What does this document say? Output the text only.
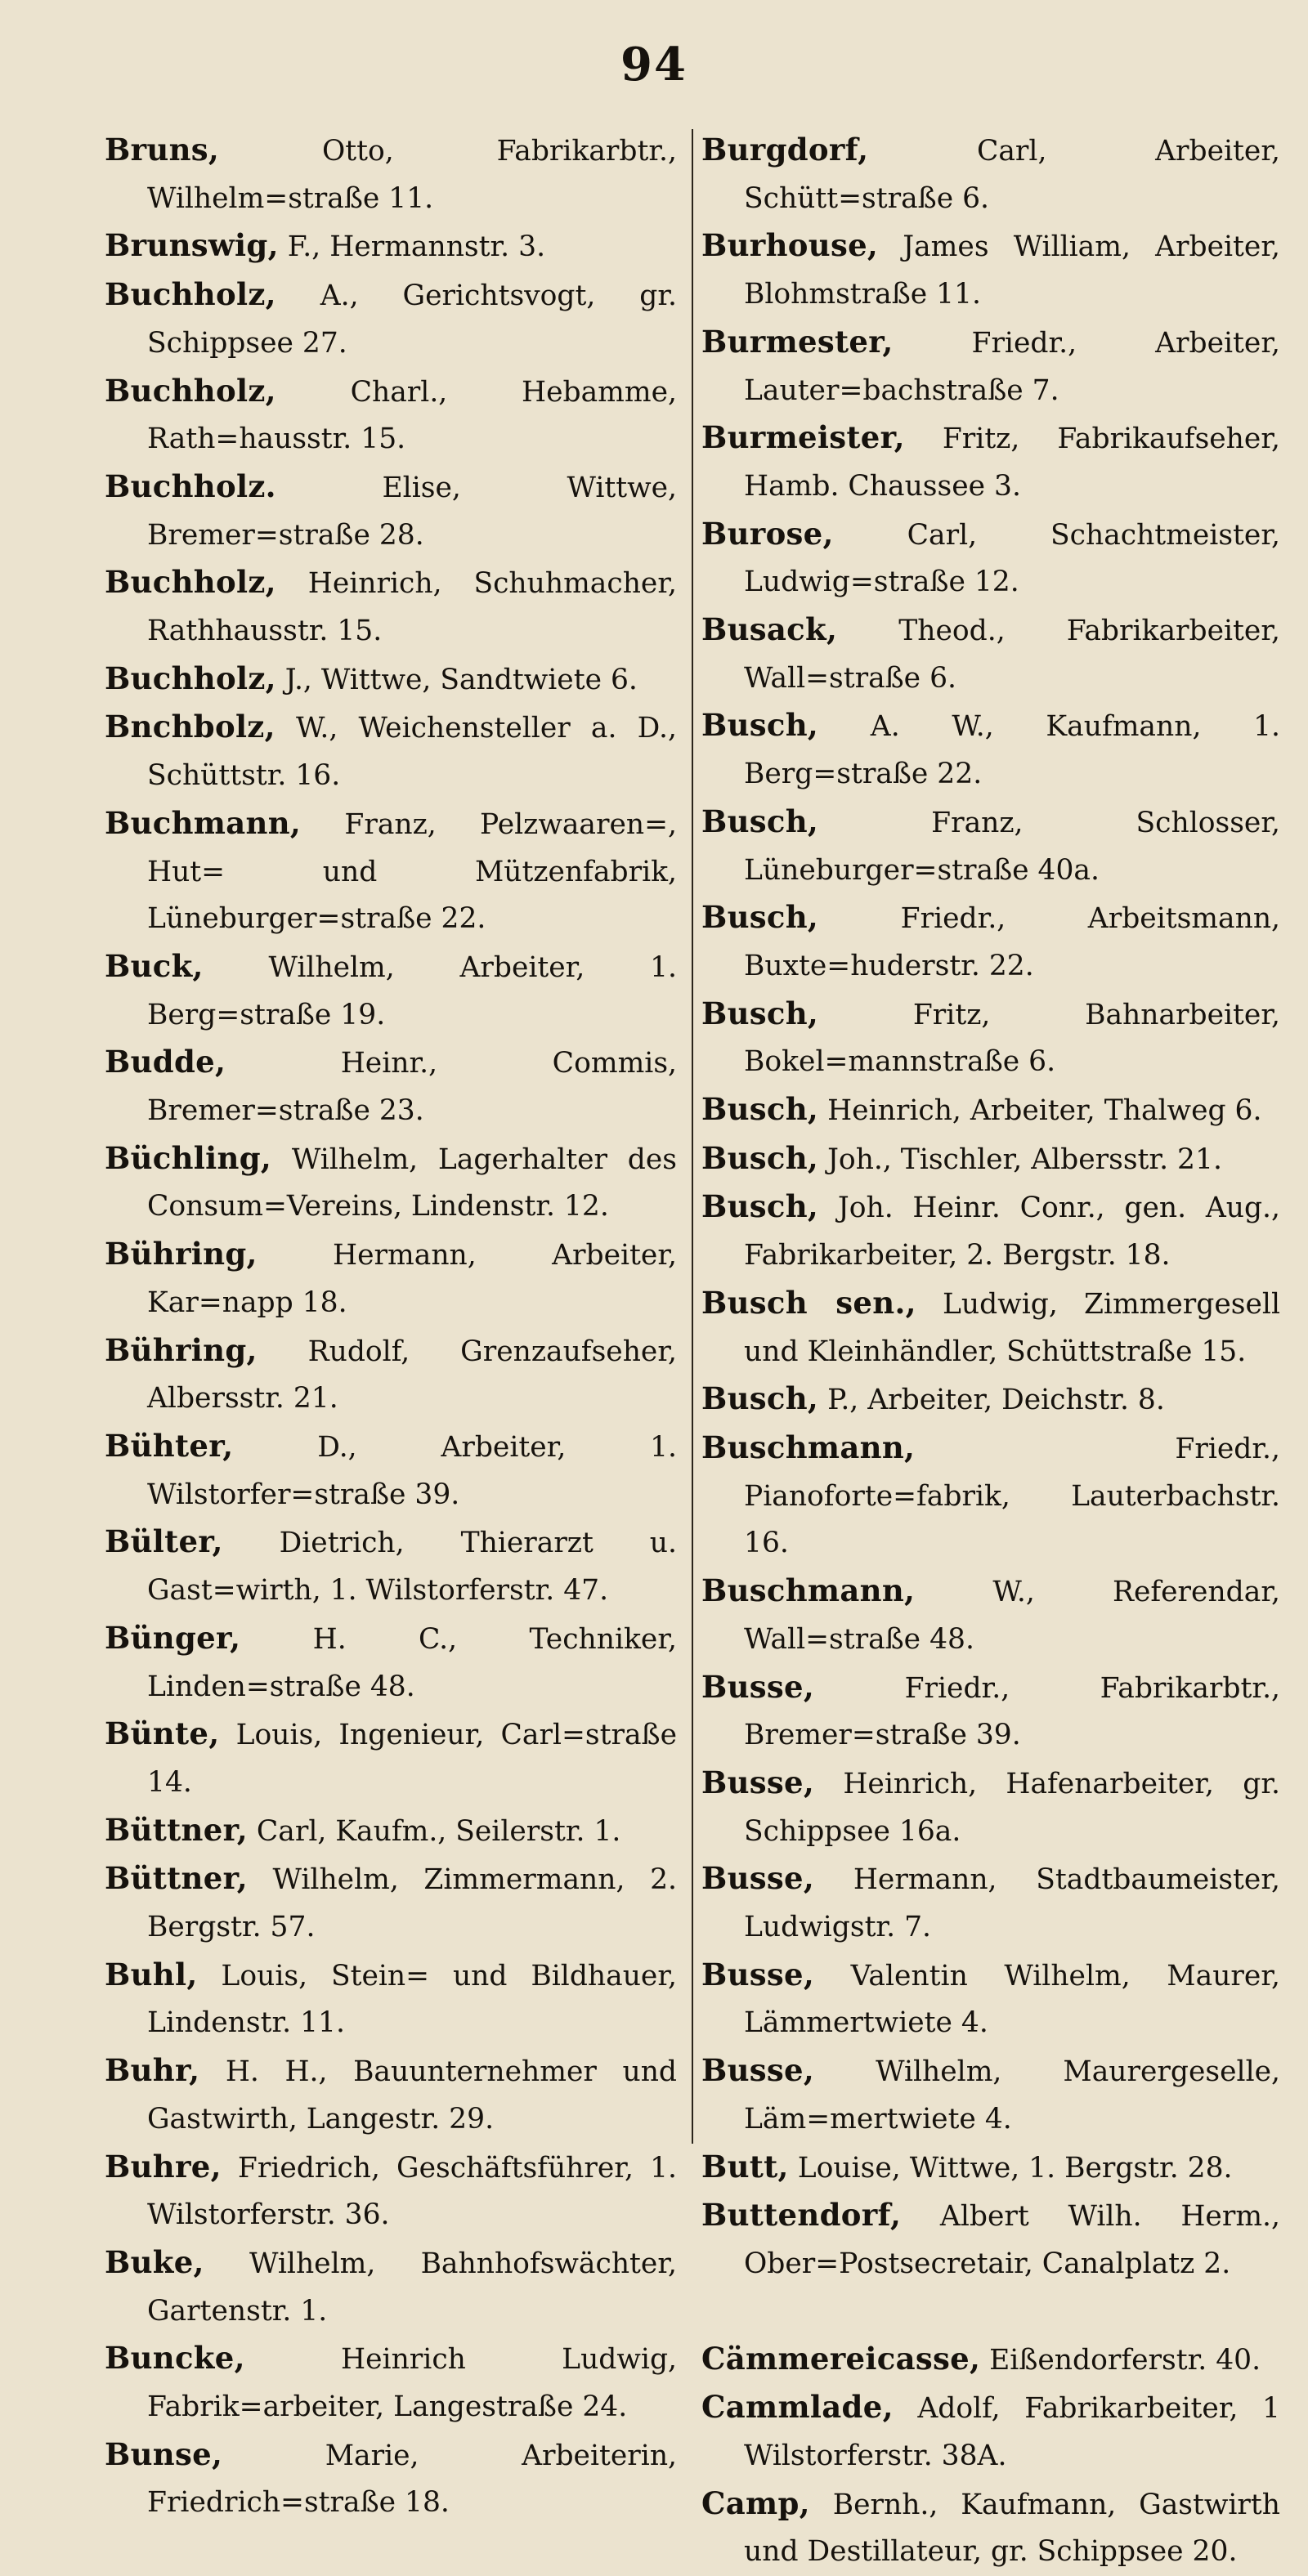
94

Bruns, Otto, Fabrikarbtr., Wilhelm=straße 11.

Brunswig, F., Hermannstr. 3.

Buchholz, A., Gerichtsvogt, gr. Schippsee 27.

Buchholz, Charl., Hebamme, Rath=hausstr. 15.

Buchholz. Elise, Wittwe, Bremer=straße 28.

Buchholz, Heinrich, Schuhmacher, Rathhausstr. 15.

Buchholz, J., Wittwe, Sandtwiete 6.

Bnchbolz, W., Weichensteller a. D., Schüttstr. 16.

Buchmann, Franz, Pelzwaaren=, Hut= und Mützenfabrik, Lüneburger=straße 22.

Buck, Wilhelm, Arbeiter, 1. Berg=straße 19.

Budde, Heinr., Commis, Bremer=straße 23.

Büchling, Wilhelm, Lagerhalter des Consum=Vereins, Lindenstr. 12.

Bühring, Hermann, Arbeiter, Kar=napp 18.

Bühring, Rudolf, Grenzaufseher, Albersstr. 21.

Bühter, D., Arbeiter, 1. Wilstorfer=straße 39.

Bülter, Dietrich, Thierarzt u. Gast=wirth, 1. Wilstorferstr. 47.

Bünger, H. C., Techniker, Linden=straße 48.

Bünte, Louis, Ingenieur, Carl=straße 14.

Büttner, Carl, Kaufm., Seilerstr. 1.

Büttner, Wilhelm, Zimmermann, 2. Bergstr. 57.

Buhl, Louis, Stein= und Bildhauer, Lindenstr. 11.

Buhr, H. H., Bauunternehmer und Gastwirth, Langestr. 29.

Buhre, Friedrich, Geschäftsführer, 1. Wilstorferstr. 36.

Buke, Wilhelm, Bahnhofswächter, Gartenstr. 1.

Buncke, Heinrich Ludwig, Fabrik=arbeiter, Langestraße 24.

Bunse, Marie, Arbeiterin, Friedrich=straße 18.

Burgdorf, Carl, Arbeiter, Schütt=straße 6.

Burhouse, James William, Arbeiter, Blohmstraße 11.

Burmester, Friedr., Arbeiter, Lauter=bachstraße 7.

Burmeister, Fritz, Fabrikaufseher, Hamb. Chaussee 3.

Burose, Carl, Schachtmeister, Ludwig=straße 12.

Busack, Theod., Fabrikarbeiter, Wall=straße 6.

Busch, A. W., Kaufmann, 1. Berg=straße 22.

Busch, Franz, Schlosser, Lüneburger=straße 40a.

Busch, Friedr., Arbeitsmann, Buxte=huderstr. 22.

Busch, Fritz, Bahnarbeiter, Bokel=mannstraße 6.

Busch, Heinrich, Arbeiter, Thalweg 6.

Busch, Joh., Tischler, Albersstr. 21.

Busch, Joh. Heinr. Conr., gen. Aug., Fabrikarbeiter, 2. Bergstr. 18.

Busch sen., Ludwig, Zimmergesell und Kleinhändler, Schüttstraße 15.

Busch, P., Arbeiter, Deichstr. 8.

Buschmann, Friedr., Pianoforte=fabrik, Lauterbachstr. 16.

Buschmann, W., Referendar, Wall=straße 48.

Busse, Friedr., Fabrikarbtr., Bremer=straße 39.

Busse, Heinrich, Hafenarbeiter, gr. Schippsee 16a.

Busse, Hermann, Stadtbaumeister, Ludwigstr. 7.

Busse, Valentin Wilhelm, Maurer, Lämmertwiete 4.

Busse, Wilhelm, Maurergeselle, Läm=mertwiete 4.

Butt, Louise, Wittwe, 1. Bergstr. 28.

Buttendorf, Albert Wilh. Herm., Ober=Postsecretair, Canalplatz 2.

Cämmereicasse, Eißendorferstr. 40.

Cammlade, Adolf, Fabrikarbeiter, 1 Wilstorferstr. 38A.

Camp, Bernh., Kaufmann, Gastwirth und Destillateur, gr. Schippsee 20.
